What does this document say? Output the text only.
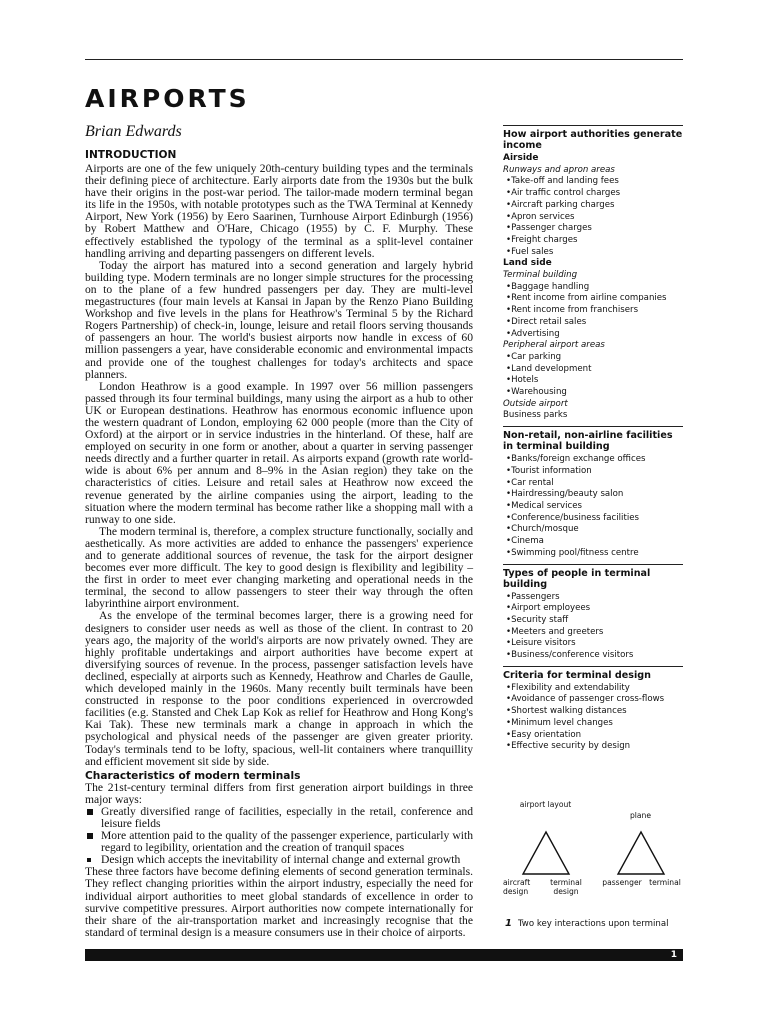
AIRPORTS
Brian Edwards
INTRODUCTION

Airports are one of the few uniquely 20th-century building types and the terminals their defining piece of architecture. Early airports date from the 1930s but the bulk have their origins in the post-war period. The tailor-made modern terminal began its life in the 1950s, with notable prototypes such as the TWA Terminal at Kennedy Airport, New York (1956) by Eero Saarinen, Turnhouse Airport Edinburgh (1956) by Robert Matthew and O'Hare, Chicago (1955) by C. F. Murphy. These effectively established the typology of the terminal as a split-level container handling arriving and departing passengers on different levels.

Today the airport has matured into a second generation and largely hybrid building type. Modern terminals are no longer simple structures for the processing on to the plane of a few hundred passengers per day. They are multi-level megastructures (four main levels at Kansai in Japan by the Renzo Piano Building Workshop and five levels in the plans for Heathrow's Terminal 5 by the Richard Rogers Partnership) of check-in, lounge, leisure and retail floors serving thousands of passengers an hour. The world's busiest airports now handle in excess of 60 million passengers a year, have considerable economic and environmental impacts and provide one of the toughest challenges for today's architects and space planners.

London Heathrow is a good example. In 1997 over 56 million passengers passed through its four terminal buildings, many using the airport as a hub to other UK or European destinations. Heathrow has enormous economic influence upon the western quadrant of London, employing 62 000 people (more than the City of Oxford) at the airport or in service industries in the hinterland. Of these, half are employed on security in one form or another, about a quarter in serving passenger needs directly and a further quarter in retail. As airports expand (growth rate world-wide is about 6% per annum and 8–9% in the Asian region) they take on the characteristics of cities. Leisure and retail sales at Heathrow now exceed the revenue generated by the airline companies using the airport, leading to the situation where the modern terminal has become rather like a shopping mall with a runway to one side.

The modern terminal is, therefore, a complex structure functionally, socially and aesthetically. As more activities are added to enhance the passengers' experience and to generate additional sources of revenue, the task for the airport designer becomes ever more difficult. The key to good design is flexibility and legibility – the first in order to meet ever changing marketing and operational needs in the terminal, the second to allow passengers to steer their way through the often labyrinthine airport environment.

As the envelope of the terminal becomes larger, there is a growing need for designers to consider user needs as well as those of the client. In contrast to 20 years ago, the majority of the world's airports are now privately owned. They are highly profitable undertakings and airport authorities have become expert at diversifying sources of revenue. In the process, passenger satisfaction levels have declined, especially at airports such as Kennedy, Heathrow and Charles de Gaulle, which developed mainly in the 1960s. Many recently built terminals have been constructed in response to the poor conditions experienced in overcrowded facilities (e.g. Stansted and Chek Lap Kok as relief for Heathrow and Hong Kong's Kai Tak). These new terminals mark a change in approach in which the psychological and physical needs of the passenger are given greater priority. Today's terminals tend to be lofty, spacious, well-lit containers where tranquillity and efficient movement sit side by side.

Characteristics of modern terminals

The 21st-century terminal differs from first generation airport buildings in three major ways:

Greatly diversified range of facilities, especially in the retail, conference and leisure fields
More attention paid to the quality of the passenger experience, particularly with regard to legibility, orientation and the creation of tranquil spaces
Design which accepts the inevitability of internal change and external growth

These three factors have become defining elements of second generation terminals. They reflect changing priorities within the airport industry, especially the need for individual airport authorities to meet global standards of excellence in order to survive competitive pressures. Airport authorities now compete internationally for their share of the air-transportation market and increasingly recognise that the standard of terminal design is a measure consumers use in their choice of airports.

How airport authorities generate income

Airside

Runways and apron areas

• Take-off and landing fees
• Air traffic control charges
• Aircraft parking charges
• Apron services
• Passenger charges
• Freight charges
• Fuel sales

Land side

Terminal building

• Baggage handling
• Rent income from airline companies
• Rent income from franchisers
• Direct retail sales
• Advertising

Peripheral airport areas

• Car parking
• Land development
• Hotels
• Warehousing

Outside airport

Business parks

Non-retail, non-airline facilities in terminal building
• Banks/foreign exchange offices
• Tourist information
• Car rental
• Hairdressing/beauty salon
• Medical services
• Conference/business facilities
• Church/mosque
• Cinema
• Swimming pool/fitness centre
Types of people in terminal building
• Passengers
• Airport employees
• Security staff
• Meeters and greeters
• Leisure visitors
• Business/conference visitors
Criteria for terminal design
• Flexibility and extendability
• Avoidance of passenger cross-flows
• Shortest walking distances
• Minimum level changes
• Easy orientation
• Effective security by design
airport layout
plane
aircraft design
terminal design
passenger terminal
1 Two key interactions upon terminal
1
